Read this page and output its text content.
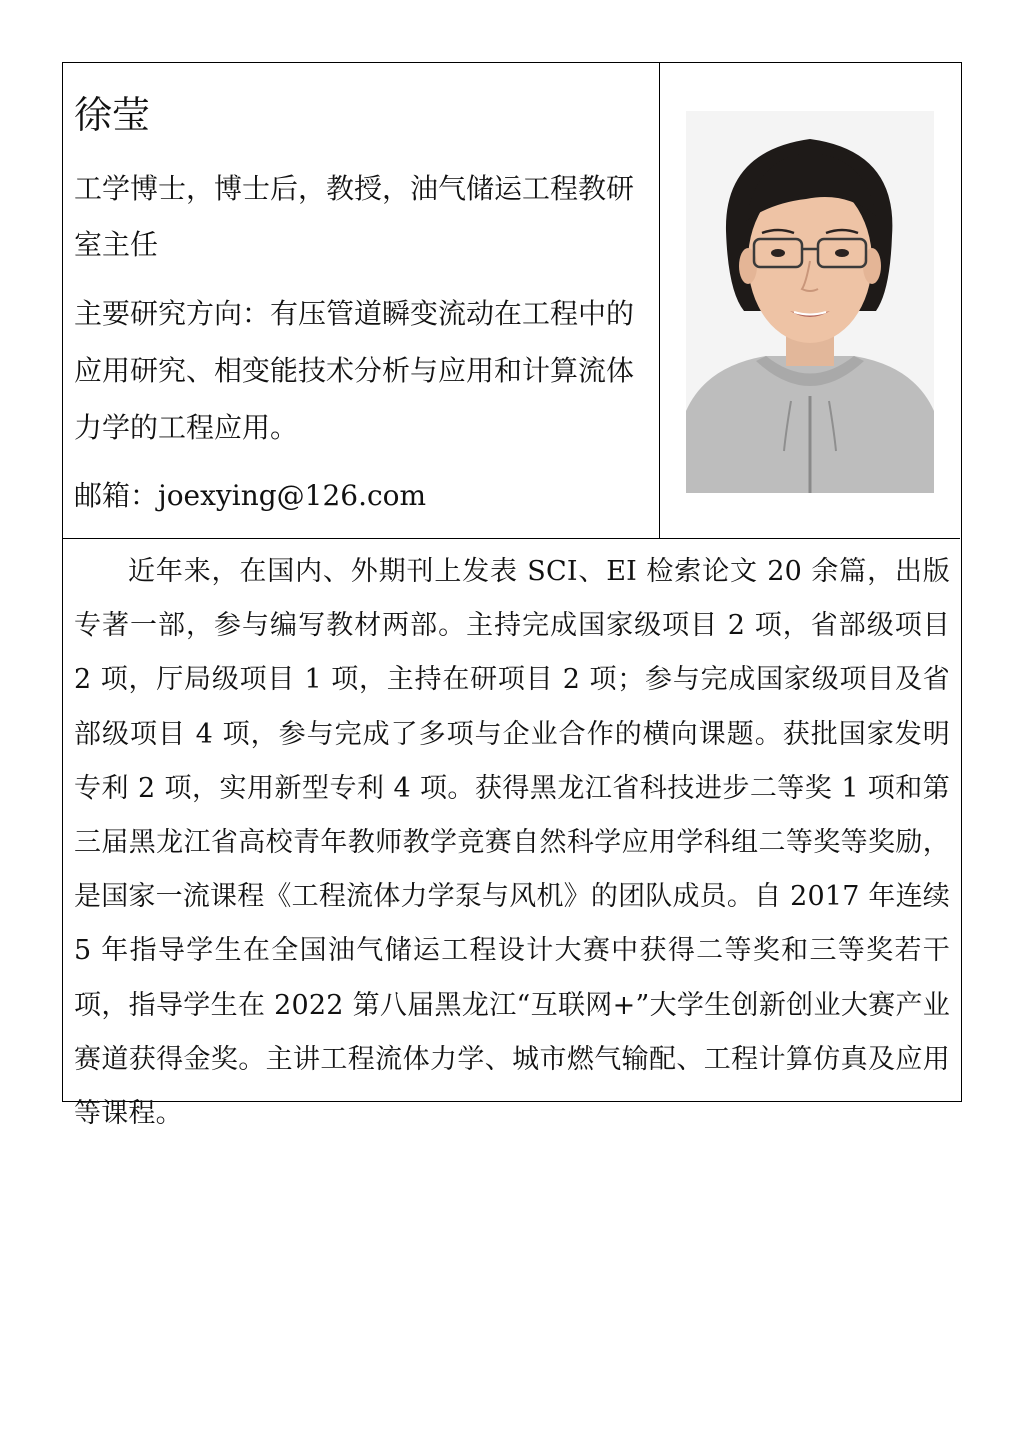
徐莹

工学博士，博士后，教授，油气储运工程教研室主任

主要研究方向：有压管道瞬变流动在工程中的应用研究、相变能技术分析与应用和计算流体力学的工程应用。

邮箱：joexying@126.com

近年来，在国内、外期刊上发表 SCI、EI 检索论文 20 余篇，出版专著一部，参与编写教材两部。主持完成国家级项目 2 项，省部级项目 2 项，厅局级项目 1 项，主持在研项目 2 项；参与完成国家级项目及省部级项目 4 项，参与完成了多项与企业合作的横向课题。获批国家发明专利 2 项，实用新型专利 4 项。获得黑龙江省科技进步二等奖 1 项和第三届黑龙江省高校青年教师教学竞赛自然科学应用学科组二等奖等奖励，是国家一流课程《工程流体力学泵与风机》的团队成员。自 2017 年连续 5 年指导学生在全国油气储运工程设计大赛中获得二等奖和三等奖若干项，指导学生在 2022 第八届黑龙江“互联网+”大学生创新创业大赛产业赛道获得金奖。主讲工程流体力学、城市燃气输配、工程计算仿真及应用等课程。
